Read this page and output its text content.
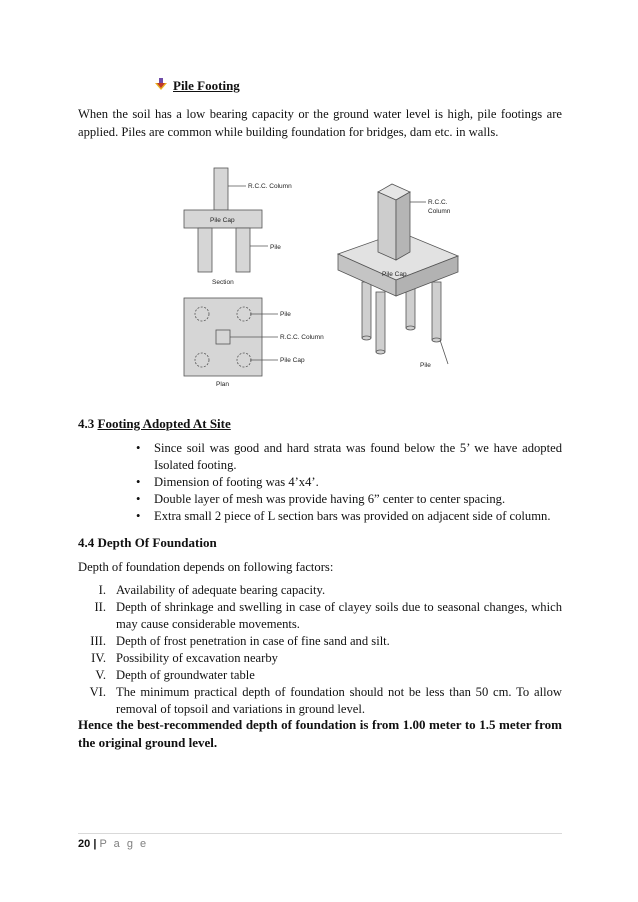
Pile Footing
When the soil has a low bearing capacity or the ground water level is high, pile footings are applied. Piles are common while building foundation for bridges, dam etc. in walls.
R.C.C. Column
Pile Cap
Pile
Section
Pile
R.C.C. Column
Pile Cap
Plan
R.C.C.
Column
Pile Cap
Pile
4.3 Footing Adopted At Site
• Since soil was good and hard strata was found below the 5’ we have adopted Isolated footing.
• Dimension of footing was 4’x4’.
• Double layer of mesh was provide having 6” center to center spacing.
• Extra small 2 piece of L section bars was provided on adjacent side of column.
4.4 Depth Of Foundation
Depth of foundation depends on following factors:
I. Availability of adequate bearing capacity.
II. Depth of shrinkage and swelling in case of clayey soils due to seasonal changes, which may cause considerable movements.
III. Depth of frost penetration in case of fine sand and silt.
IV. Possibility of excavation nearby
V. Depth of groundwater table
VI. The minimum practical depth of foundation should not be less than 50 cm. To allow removal of topsoil and variations in ground level.
Hence the best-recommended depth of foundation is from 1.00 meter to 1.5 meter from the original ground level.
20 | P a g e
